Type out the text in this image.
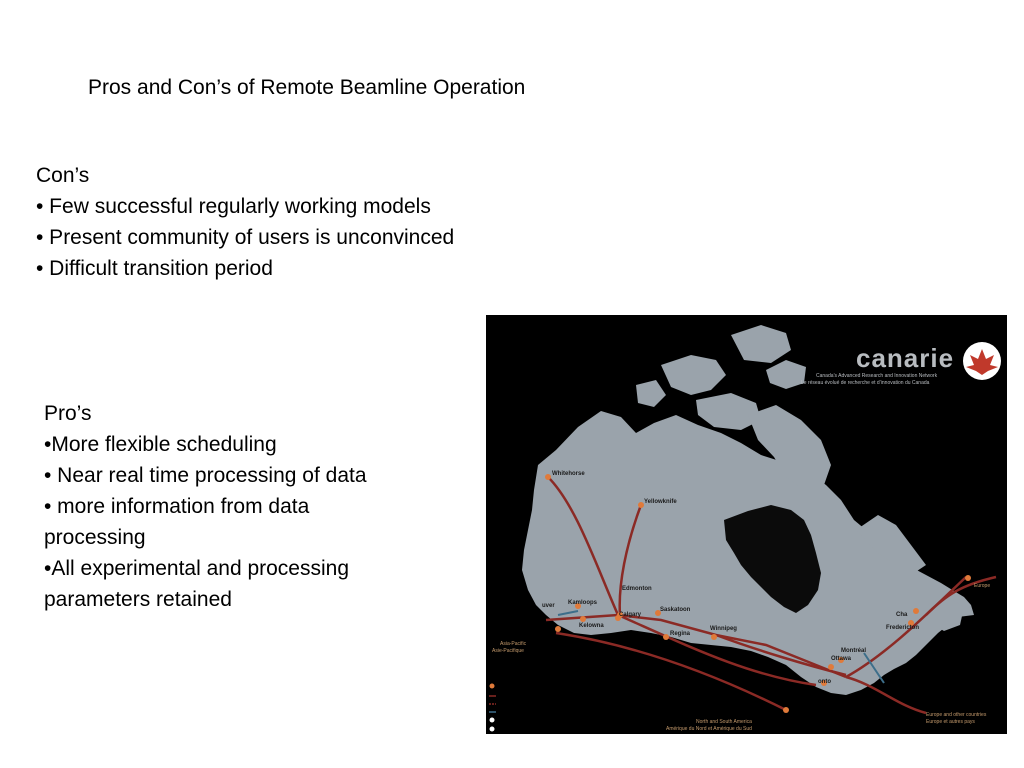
Pros and Con’s of Remote Beamline Operation
Con’s
• Few successful regularly working models
• Present community of users is unconvinced
• Difficult transition period
Pro’s
•More flexible scheduling
• Near real time processing of data
• more information from data
processing
•All experimental and processing
parameters retained
Whitehorse
Yellowknife
Edmonton
Kamloops
Calgary
Saskatoon
Kelowna
Regina
Winnipeg
Montréal
Ottawa
onto
Fredericton
Cha
uver
Europe
Asia-Pacific
Asie-Pacifique
North and South America
Amérique du Nord et Amérique du Sud
Europe and other countries
Europe et autres pays
canarie
Canada’s Advanced Research and Innovation Network
Le réseau évolué de recherche et d’innovation du Canada
